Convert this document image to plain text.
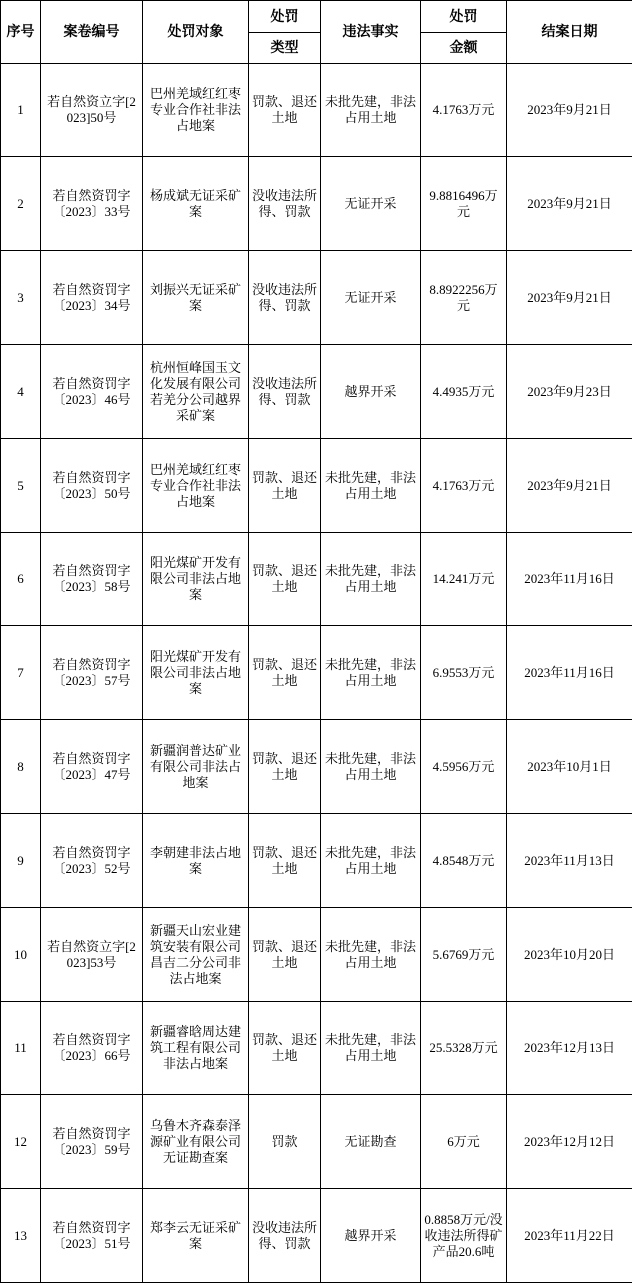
序号	案卷编号	处罚对象	处罚	违法事实	处罚	结案日期
			类型		金额	
1	若自然资立字[2023]50号	巴州羌域红红枣专业合作社非法占地案	罚款、退还土地	未批先建，非法占用土地	4.1763万元	2023年9月21日
2	若自然资罚字〔2023〕33号	杨成斌无证采矿案	没收违法所得、罚款	无证开采	9.8816496万元	2023年9月21日
3	若自然资罚字〔2023〕34号	刘振兴无证采矿案	没收违法所得、罚款	无证开采	8.8922256万元	2023年9月21日
4	若自然资罚字〔2023〕46号	杭州恒峰国玉文化发展有限公司若羌分公司越界采矿案	没收违法所得、罚款	越界开采	4.4935万元	2023年9月23日
5	若自然资罚字〔2023〕50号	巴州羌域红红枣专业合作社非法占地案	罚款、退还土地	未批先建，非法占用土地	4.1763万元	2023年9月21日
6	若自然资罚字〔2023〕58号	阳光煤矿开发有限公司非法占地案	罚款、退还土地	未批先建，非法占用土地	14.241万元	2023年11月16日
7	若自然资罚字〔2023〕57号	阳光煤矿开发有限公司非法占地案	罚款、退还土地	未批先建，非法占用土地	6.9553万元	2023年11月16日
8	若自然资罚字〔2023〕47号	新疆润普达矿业有限公司非法占地案	罚款、退还土地	未批先建，非法占用土地	4.5956万元	2023年10月1日
9	若自然资罚字〔2023〕52号	李朝建非法占地案	罚款、退还土地	未批先建，非法占用土地	4.8548万元	2023年11月13日
10	若自然资立字[2023]53号	新疆天山宏业建筑安装有限公司昌吉二分公司非法占地案	罚款、退还土地	未批先建，非法占用土地	5.6769万元	2023年10月20日
11	若自然资罚字〔2023〕66号	新疆睿晗周达建筑工程有限公司非法占地案	罚款、退还土地	未批先建，非法占用土地	25.5328万元	2023年12月13日
12	若自然资罚字〔2023〕59号	乌鲁木齐森泰泽源矿业有限公司无证勘查案	罚款	无证勘查	6万元	2023年12月12日
13	若自然资罚字〔2023〕51号	郑李云无证采矿案	没收违法所得、罚款	越界开采	0.8858万元/没收违法所得矿产品20.6吨	2023年11月22日
